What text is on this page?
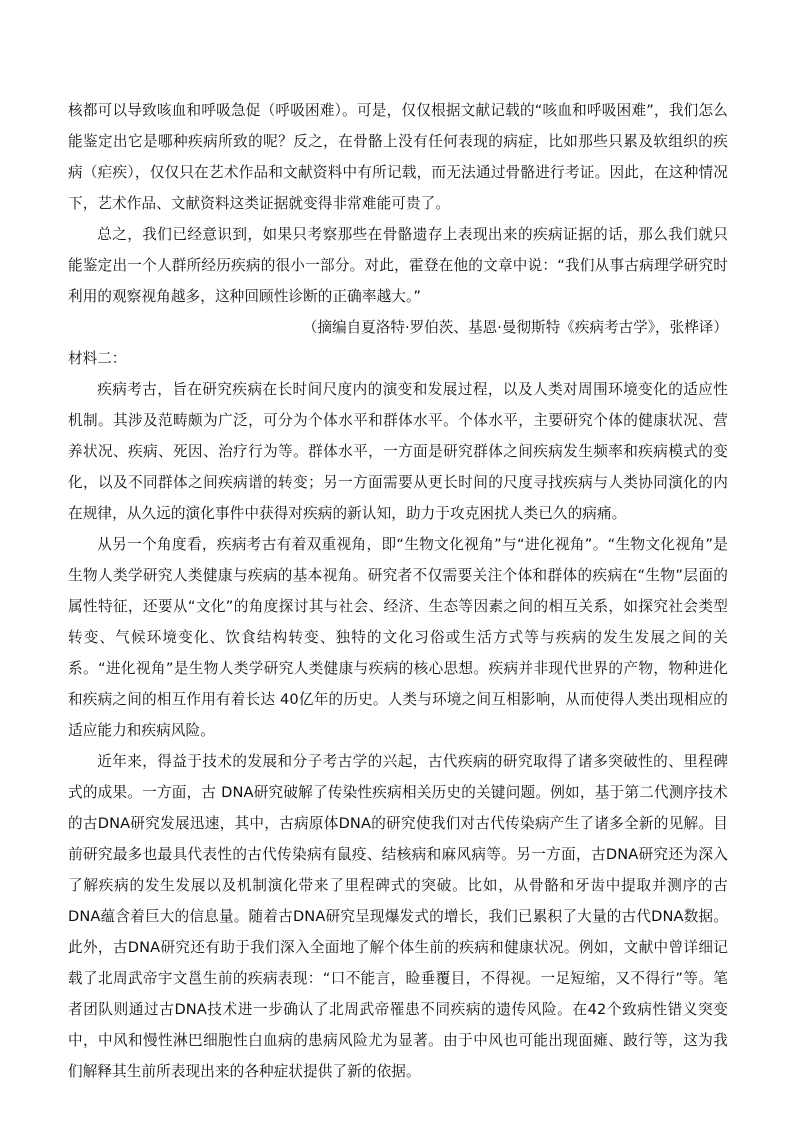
核都可以导致咳血和呼吸急促（呼吸困难）。可是，仅仅根据文献记载的“咳血和呼吸困难”，我们怎么能鉴定出它是哪种疾病所致的呢？反之，在骨骼上没有任何表现的病症，比如那些只累及软组织的疾病（疟疾），仅仅只在艺术作品和文献资料中有所记载，而无法通过骨骼进行考证。因此，在这种情况下，艺术作品、文献资料这类证据就变得非常难能可贵了。

总之，我们已经意识到，如果只考察那些在骨骼遗存上表现出来的疾病证据的话，那么我们就只能鉴定出一个人群所经历疾病的很小一部分。对此，霍登在他的文章中说：“我们从事古病理学研究时利用的观察视角越多，这种回顾性诊断的正确率越大。”

（摘编自夏洛特·罗伯茨、基恩·曼彻斯特《疾病考古学》，张桦译）

材料二：

疾病考古，旨在研究疾病在长时间尺度内的演变和发展过程，以及人类对周围环境变化的适应性机制。其涉及范畴颇为广泛，可分为个体水平和群体水平。个体水平，主要研究个体的健康状况、营养状况、疾病、死因、治疗行为等。群体水平，一方面是研究群体之间疾病发生频率和疾病模式的变化，以及不同群体之间疾病谱的转变；另一方面需要从更长时间的尺度寻找疾病与人类协同演化的内在规律，从久远的演化事件中获得对疾病的新认知，助力于攻克困扰人类已久的病痛。

从另一个角度看，疾病考古有着双重视角，即“生物文化视角”与“进化视角”。“生物文化视角”是生物人类学研究人类健康与疾病的基本视角。研究者不仅需要关注个体和群体的疾病在“生物”层面的属性特征，还要从“文化”的角度探讨其与社会、经济、生态等因素之间的相互关系，如探究社会类型转变、气候环境变化、饮食结构转变、独特的文化习俗或生活方式等与疾病的发生发展之间的关系。“进化视角”是生物人类学研究人类健康与疾病的核心思想。疾病并非现代世界的产物，物种进化和疾病之间的相互作用有着长达 40亿年的历史。人类与环境之间互相影响，从而使得人类出现相应的适应能力和疾病风险。

近年来，得益于技术的发展和分子考古学的兴起，古代疾病的研究取得了诸多突破性的、里程碑式的成果。一方面，古 DNA研究破解了传染性疾病相关历史的关键问题。例如，基于第二代测序技术的古DNA研究发展迅速，其中，古病原体DNA的研究使我们对古代传染病产生了诸多全新的见解。目前研究最多也最具代表性的古代传染病有鼠疫、结核病和麻风病等。另一方面，古DNA研究还为深入了解疾病的发生发展以及机制演化带来了里程碑式的突破。比如，从骨骼和牙齿中提取并测序的古DNA蕴含着巨大的信息量。随着古DNA研究呈现爆发式的增长，我们已累积了大量的古代DNA数据。此外，古DNA研究还有助于我们深入全面地了解个体生前的疾病和健康状况。例如，文献中曾详细记载了北周武帝宇文邕生前的疾病表现：“口不能言，睑垂覆目，不得视。一足短缩，又不得行”等。笔者团队则通过古DNA技术进一步确认了北周武帝罹患不同疾病的遗传风险。在42个致病性错义突变中，中风和慢性淋巴细胞性白血病的患病风险尤为显著。由于中风也可能出现面瘫、跛行等，这为我们解释其生前所表现出来的各种症状提供了新的依据。
